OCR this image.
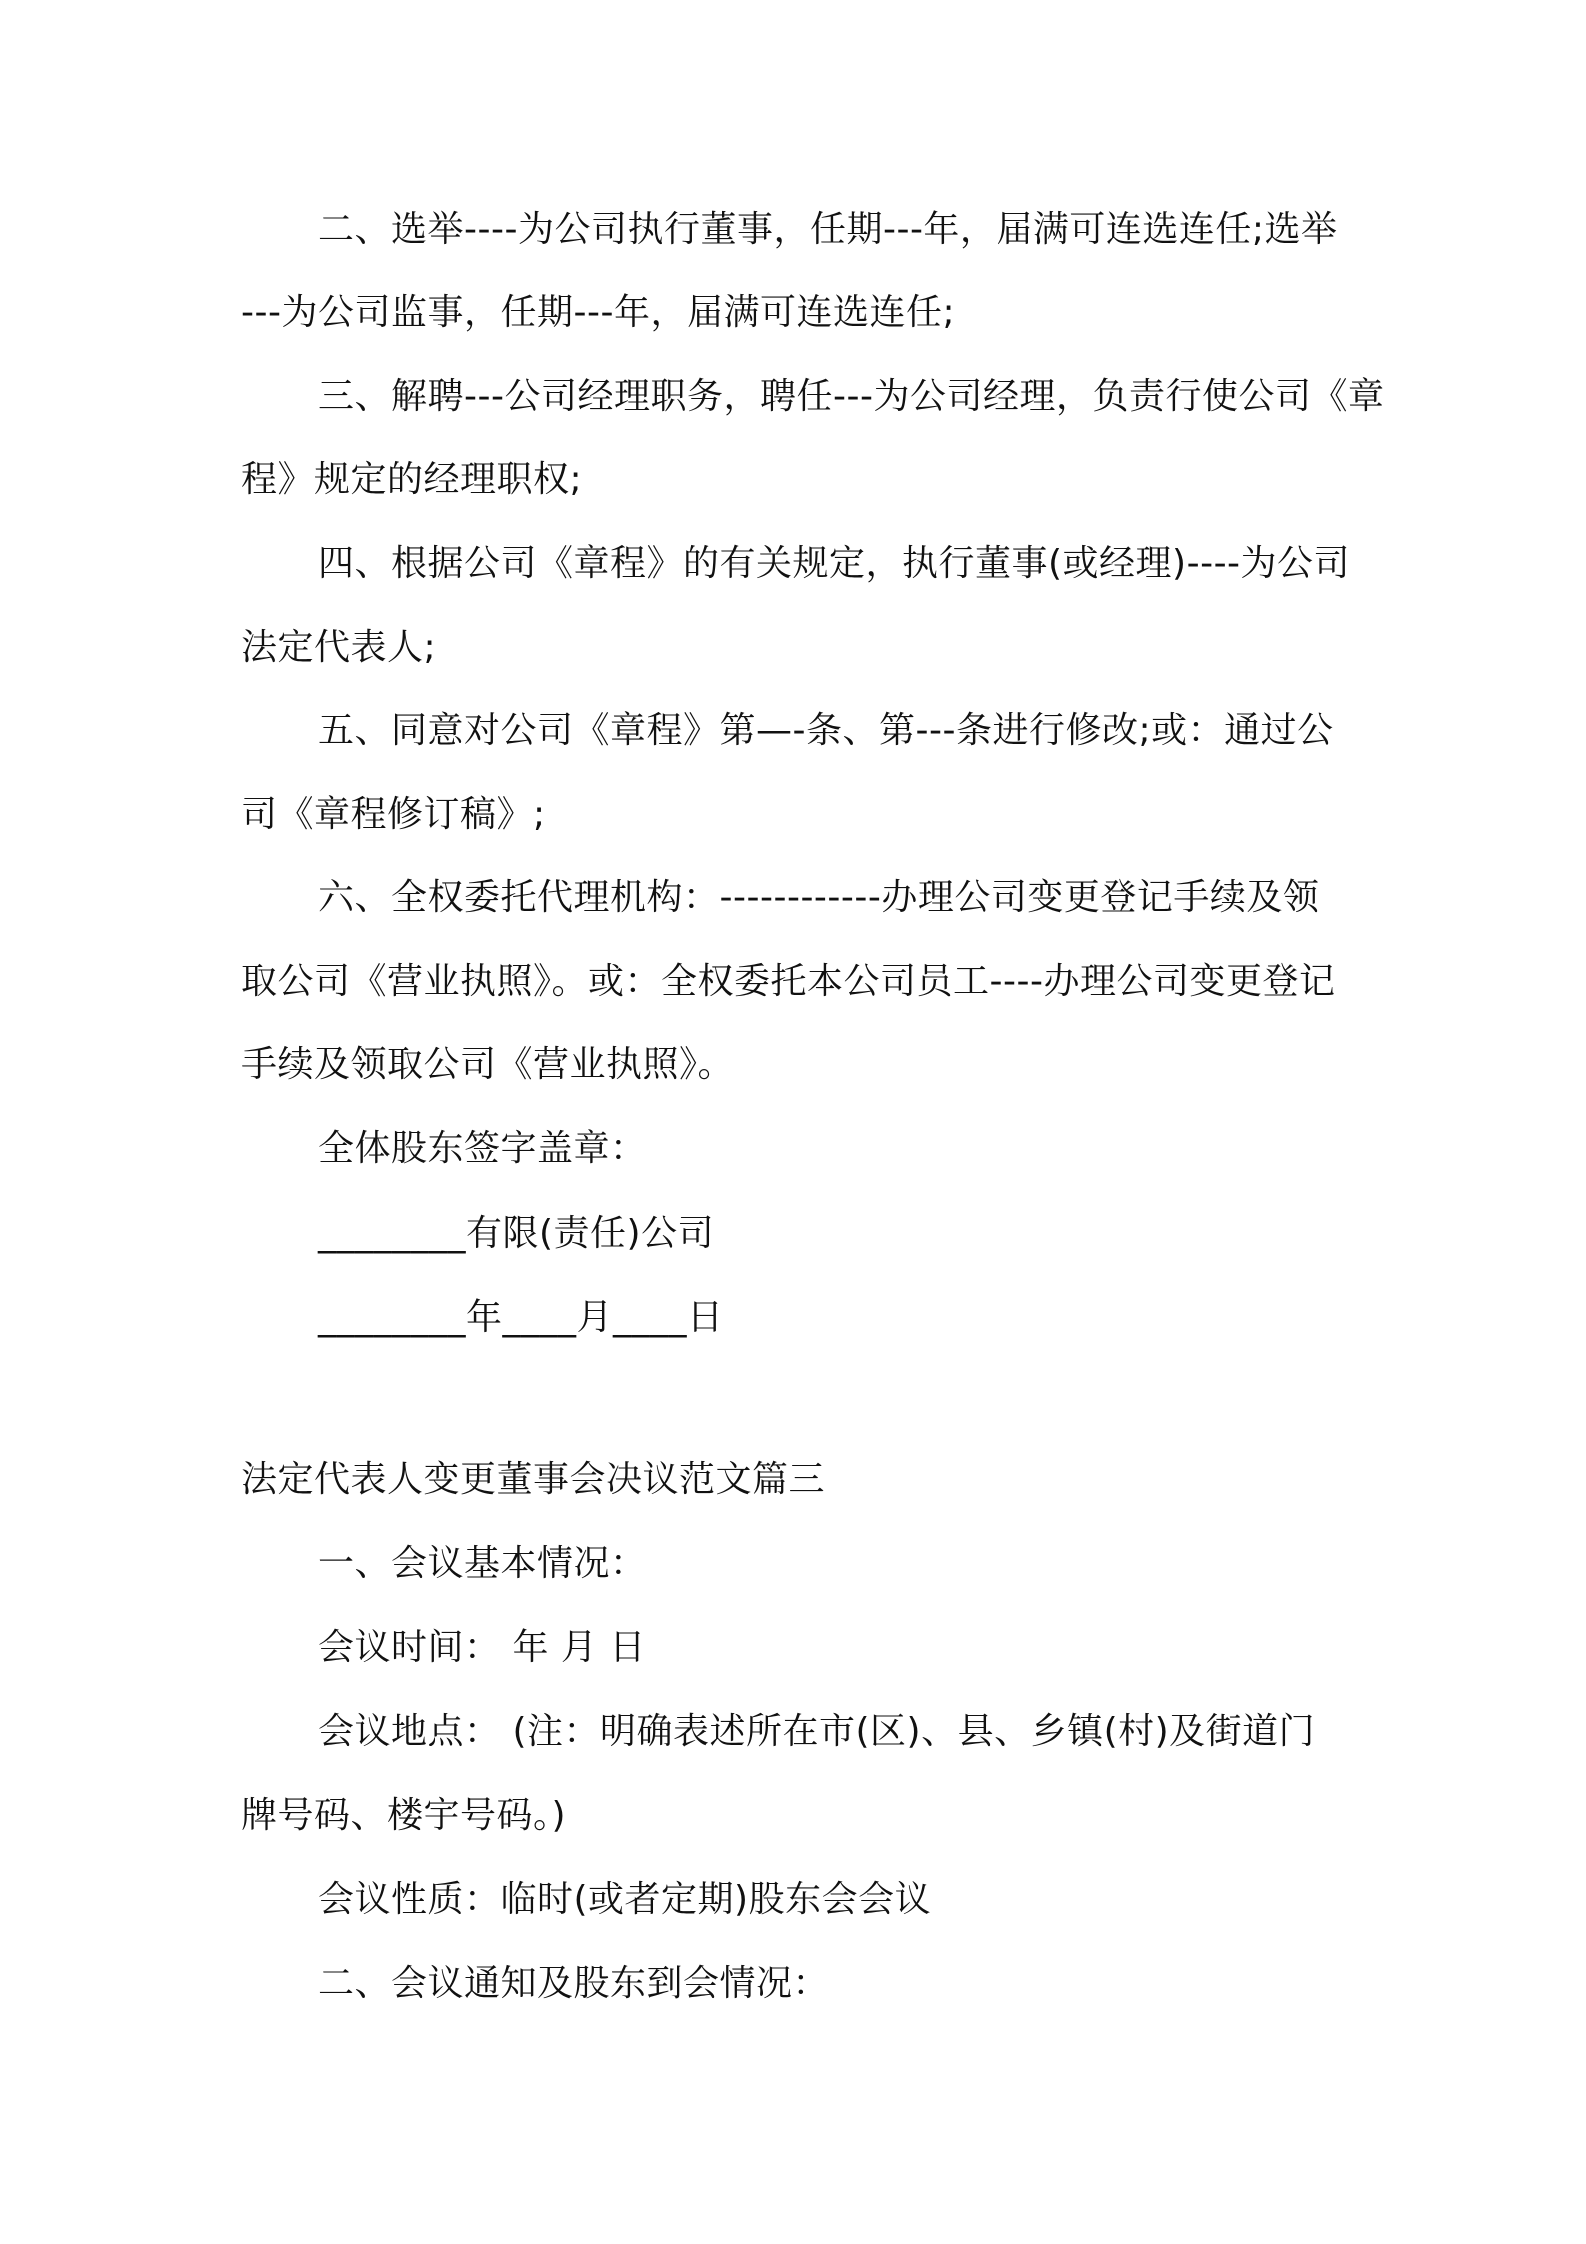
二、选举----为公司执行董事，任期---年，届满可连选连任;选举
---为公司监事，任期---年，届满可连选连任;
三、解聘---公司经理职务，聘任---为公司经理，负责行使公司《章
程》规定的经理职权;
四、根据公司《章程》的有关规定，执行董事(或经理)----为公司
法定代表人;
五、同意对公司《章程》第—-条、第---条进行修改;或：通过公
司《章程修订稿》;
六、全权委托代理机构：------------办理公司变更登记手续及领
取公司《营业执照》。或：全权委托本公司员工----办理公司变更登记
手续及领取公司《营业执照》。
全体股东签字盖章：
________有限(责任)公司
________年____月____日
法定代表人变更董事会决议范文篇三
一、会议基本情况：
会议时间： 年 月 日
会议地点： (注：明确表述所在市(区)、县、乡镇(村)及街道门
牌号码、楼宇号码。)
会议性质：临时(或者定期)股东会会议
二、会议通知及股东到会情况：
